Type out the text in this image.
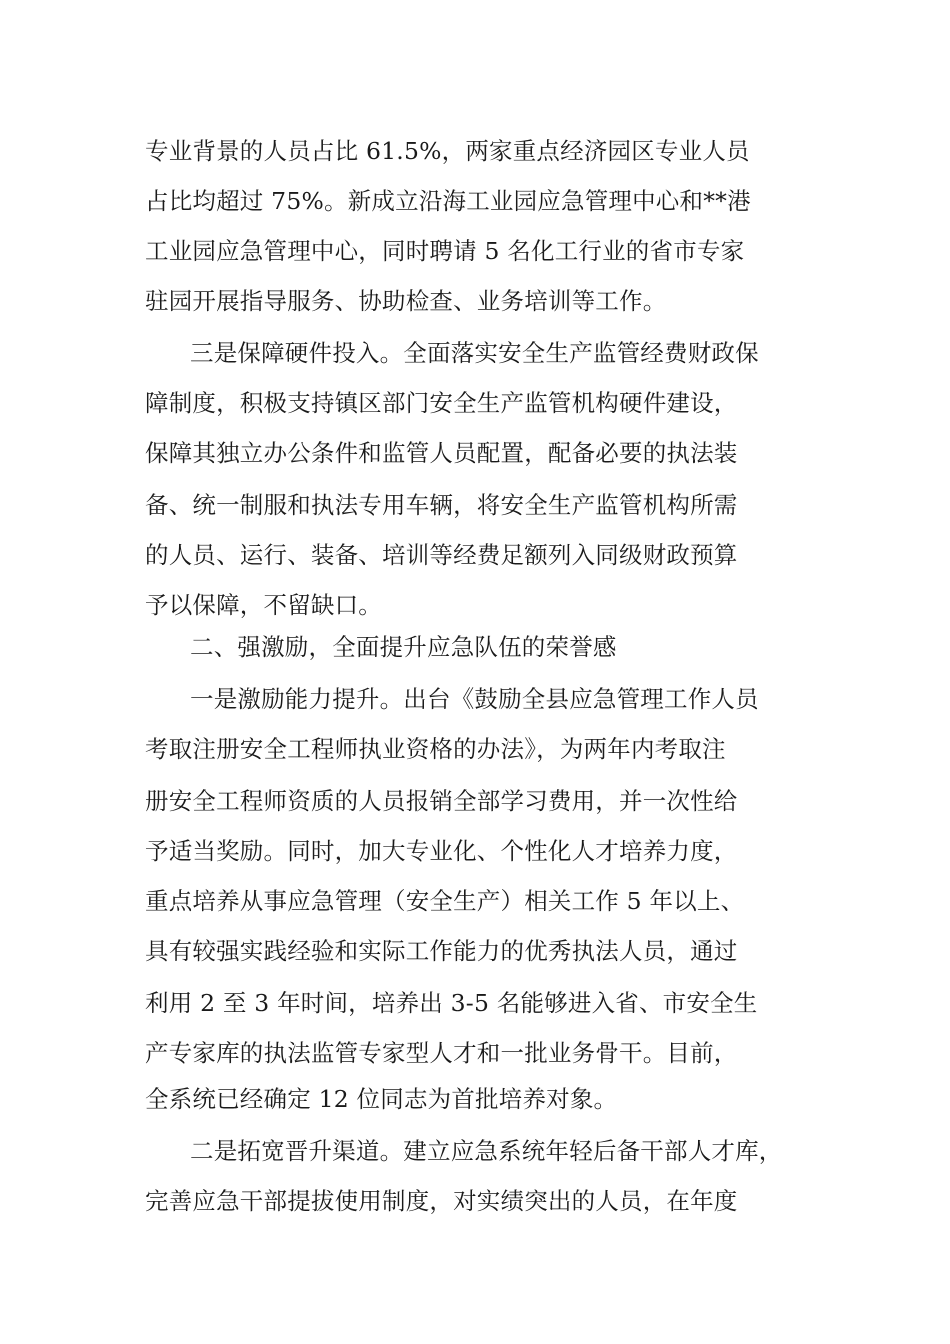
专业背景的人员占比 61.5%，两家重点经济园区专业人员
占比均超过 75%。新成立沿海工业园应急管理中心和**港
工业园应急管理中心，同时聘请 5 名化工行业的省市专家
驻园开展指导服务、协助检查、业务培训等工作。
三是保障硬件投入。全面落实安全生产监管经费财政保
障制度，积极支持镇区部门安全生产监管机构硬件建设，
保障其独立办公条件和监管人员配置，配备必要的执法装
备、统一制服和执法专用车辆，将安全生产监管机构所需
的人员、运行、装备、培训等经费足额列入同级财政预算
予以保障，不留缺口。
二、强激励，全面提升应急队伍的荣誉感
一是激励能力提升。出台《鼓励全县应急管理工作人员
考取注册安全工程师执业资格的办法》，为两年内考取注
册安全工程师资质的人员报销全部学习费用，并一次性给
予适当奖励。同时，加大专业化、个性化人才培养力度，
重点培养从事应急管理（安全生产）相关工作 5 年以上、
具有较强实践经验和实际工作能力的优秀执法人员，通过
利用 2 至 3 年时间，培养出 3-5 名能够进入省、市安全生
产专家库的执法监管专家型人才和一批业务骨干。目前，
全系统已经确定 12 位同志为首批培养对象。
二是拓宽晋升渠道。建立应急系统年轻后备干部人才库，
完善应急干部提拔使用制度，对实绩突出的人员，在年度
